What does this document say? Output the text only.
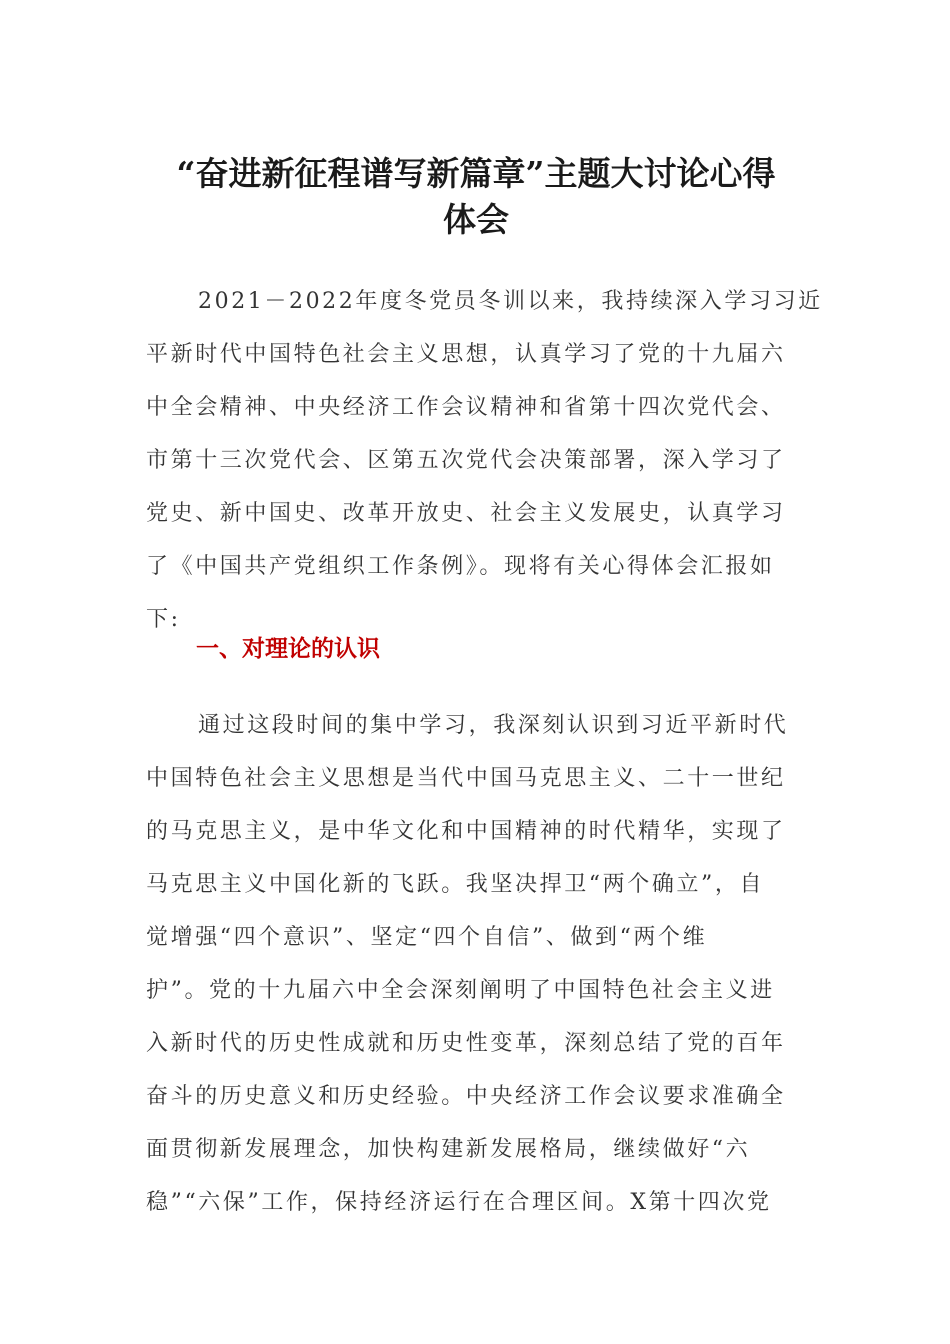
“奋进新征程谱写新篇章”主题大讨论心得
体会
2021－2022年度冬党员冬训以来，我持续深入学习习近
平新时代中国特色社会主义思想，认真学习了党的十九届六
中全会精神、中央经济工作会议精神和省第十四次党代会、
市第十三次党代会、区第五次党代会决策部署，深入学习了
党史、新中国史、改革开放史、社会主义发展史，认真学习
了《中国共产党组织工作条例》。现将有关心得体会汇报如
下:
一、对理论的认识
通过这段时间的集中学习，我深刻认识到习近平新时代
中国特色社会主义思想是当代中国马克思主义、二十一世纪
的马克思主义，是中华文化和中国精神的时代精华，实现了
马克思主义中国化新的飞跃。我坚决捍卫“两个确立”，自
觉增强“四个意识”、坚定“四个自信”、做到“两个维
护”。党的十九届六中全会深刻阐明了中国特色社会主义进
入新时代的历史性成就和历史性变革，深刻总结了党的百年
奋斗的历史意义和历史经验。中央经济工作会议要求准确全
面贯彻新发展理念，加快构建新发展格局，继续做好“六
稳”“六保”工作，保持经济运行在合理区间。X第十四次党
